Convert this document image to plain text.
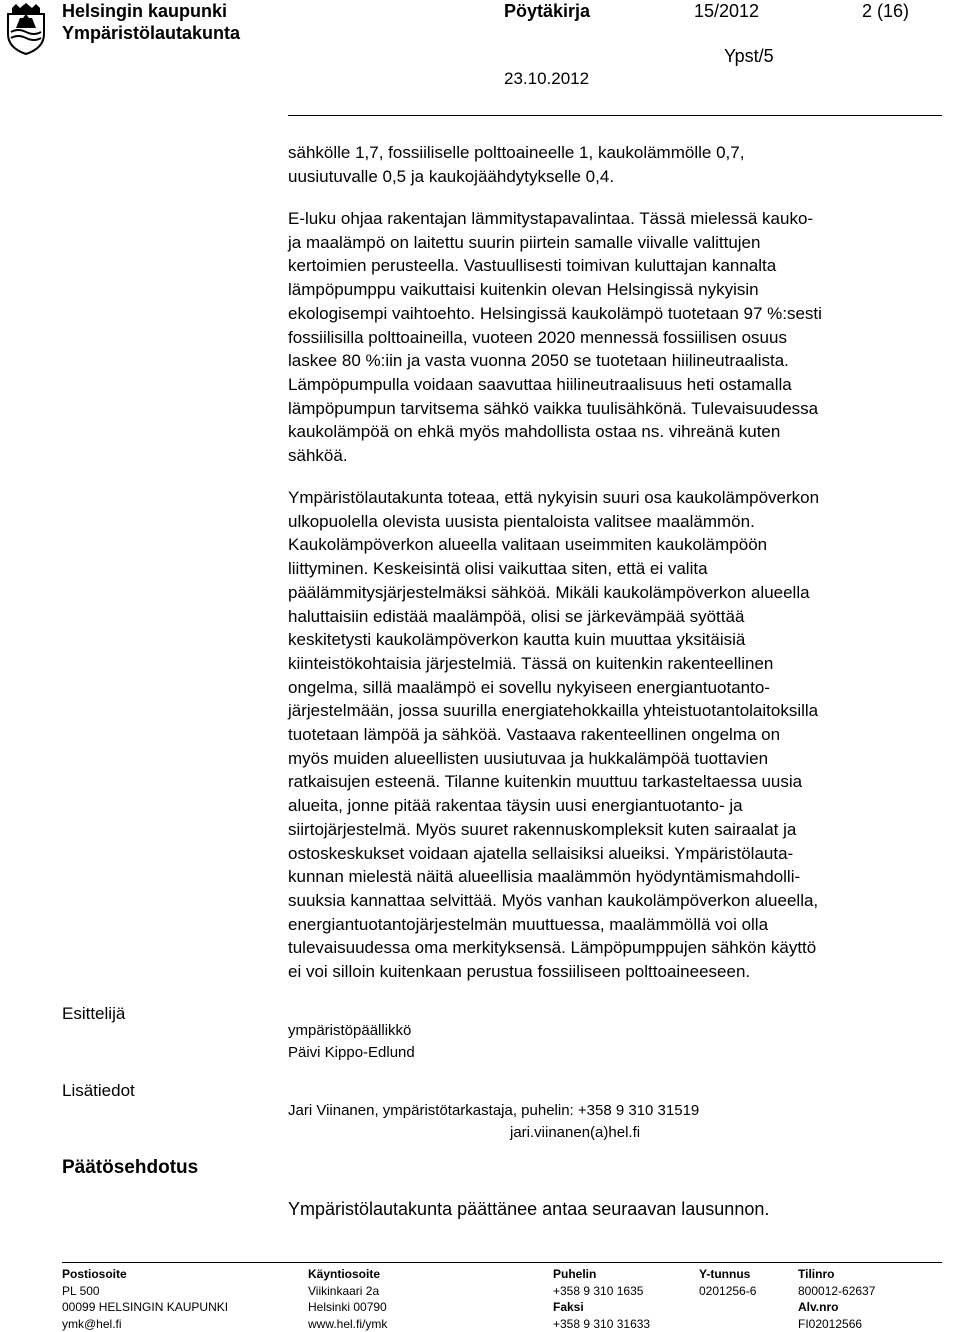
Helsingin kaupunki
Ympäristölautakunta
Pöytäkirja	15/2012	2 (16)
Ypst/5
23.10.2012

sähkölle 1,7, fossiiliselle polttoaineelle 1, kaukolämmölle 0,7,

uusiutuvalle 0,5 ja kaukojäähdytykselle 0,4.

E-luku ohjaa rakentajan lämmitystapavalintaa. Tässä mielessä kauko-

ja maalämpö on laitettu suurin piirtein samalle viivalle valittujen

kertoimien perusteella. Vastuullisesti toimivan kuluttajan kannalta

lämpöpumppu vaikuttaisi kuitenkin olevan Helsingissä nykyisin

ekologisempi vaihtoehto. Helsingissä kaukolämpö tuotetaan 97 %:sesti

fossiilisilla polttoaineilla, vuoteen 2020 mennessä fossiilisen osuus

laskee 80 %:iin ja vasta vuonna 2050 se tuotetaan hiilineutraalista.

Lämpöpumpulla voidaan saavuttaa hiilineutraalisuus heti ostamalla

lämpöpumpun tarvitsema sähkö vaikka tuulisähkönä. Tulevaisuudessa

kaukolämpöä on ehkä myös mahdollista ostaa ns. vihreänä kuten

sähköä.

Ympäristölautakunta toteaa, että nykyisin suuri osa kaukolämpöverkon

ulkopuolella olevista uusista pientaloista valitsee maalämmön.

Kaukolämpöverkon alueella valitaan useimmiten kaukolämpöön

liittyminen. Keskeisintä olisi vaikuttaa siten, että ei valita

päälämmitysjärjestelmäksi sähköä. Mikäli kaukolämpöverkon alueella

haluttaisiin edistää maalämpöä, olisi se järkevämpää syöttää

keskitetysti kaukolämpöverkon kautta kuin muuttaa yksitäisiä

kiinteistökohtaisia järjestelmiä. Tässä on kuitenkin rakenteellinen

ongelma, sillä maalämpö ei sovellu nykyiseen energiantuotanto-

järjestelmään, jossa suurilla energiatehokkailla yhteistuotantolaitoksilla

tuotetaan lämpöä ja sähköä. Vastaava rakenteellinen ongelma on

myös muiden alueellisten uusiutuvaa ja hukkalämpöä tuottavien

ratkaisujen esteenä. Tilanne kuitenkin muuttuu tarkasteltaessa uusia

alueita, jonne pitää rakentaa täysin uusi energiantuotanto- ja

siirtojärjestelmä. Myös suuret rakennuskompleksit kuten sairaalat ja

ostoskeskukset voidaan ajatella sellaisiksi alueiksi. Ympäristölauta-

kunnan mielestä näitä alueellisia maalämmön hyödyntämismahdolli-

suuksia kannattaa selvittää. Myös vanhan kaukolämpöverkon alueella,

energiantuotantojärjestelmän muuttuessa, maalämmöllä voi olla

tulevaisuudessa oma merkityksensä. Lämpöpumppujen sähkön käyttö

ei voi silloin kuitenkaan perustua fossiiliseen polttoaineeseen.

Esittelijä

ympäristöpäällikkö

Päivi Kippo-Edlund

Lisätiedot
Jari Viinanen, ympäristötarkastaja, puhelin: +358 9 310 31519
jari.viinanen(a)hel.fi
Päätösehdotus
Ympäristölautakunta päättänee antaa seuraavan lausunnon.
Postiosoite
PL 500
00099 HELSINGIN KAUPUNKI
ymk@hel.fi
Käyntiosoite
Viikinkaari 2a
Helsinki 00790
www.hel.fi/ymk
Puhelin
+358 9 310 1635
Faksi
+358 9 310 31633
Y-tunnus
0201256-6
Tilinro
800012-62637
Alv.nro
FI02012566
